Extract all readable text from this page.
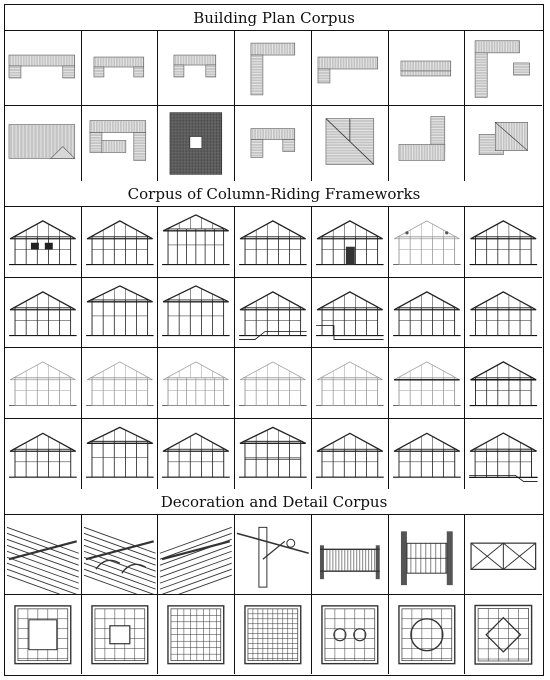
Building Plan Corpus
Corpus of Column-Riding Frameworks
Decoration and Detail Corpus
